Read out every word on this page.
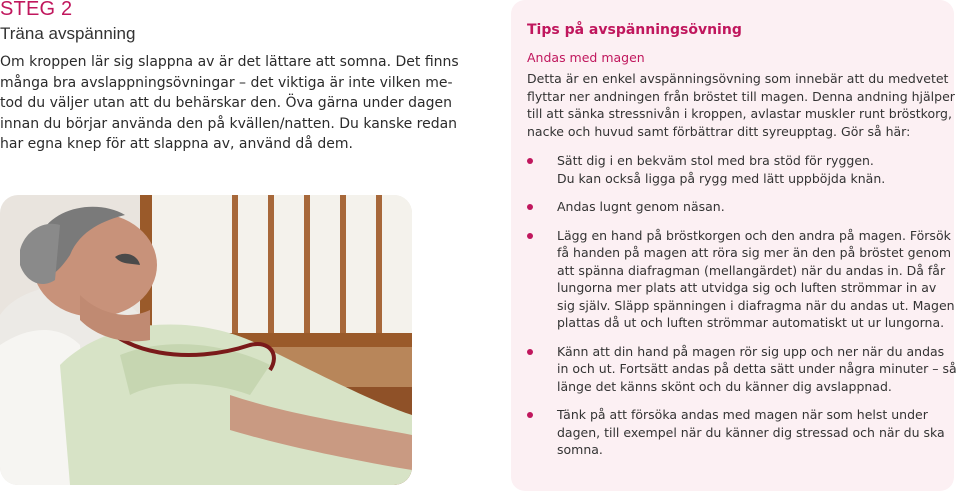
STEG 2
Träna avspänning
Om kroppen lär sig slappna av är det lättare att somna. Det finns
många bra avslappningsövningar – det viktiga är inte vilken me-
tod du väljer utan att du behärskar den. Öva gärna under dagen
innan du börjar använda den på kvällen/natten. Du kanske redan
har egna knep för att slappna av, använd då dem.
Tips på avspänningsövning
Andas med magen
Detta är en enkel avspänningsövning som innebär att du medvetet
flyttar ner andningen från bröstet till magen. Denna andning hjälper
till att sänka stressnivån i kroppen, avlastar muskler runt bröstkorg,
nacke och huvud samt förbättrar ditt syreupptag. Gör så här:
Sätt dig i en bekväm stol med bra stöd för ryggen.
Du kan också ligga på rygg med lätt uppböjda knän.
Andas lugnt genom näsan.
Lägg en hand på bröstkorgen och den andra på magen. Försök
få handen på magen att röra sig mer än den på bröstet genom
att spänna diafragman (mellangärdet) när du andas in. Då får
lungorna mer plats att utvidga sig och luften strömmar in av
sig själv. Släpp spänningen i diafragma när du andas ut. Magen
plattas då ut och luften strömmar automatiskt ut ur lungorna.
Känn att din hand på magen rör sig upp och ner när du andas
in och ut. Fortsätt andas på detta sätt under några minuter – så
länge det känns skönt och du känner dig avslappnad.
Tänk på att försöka andas med magen när som helst under
dagen, till exempel när du känner dig stressad och när du ska
somna.
